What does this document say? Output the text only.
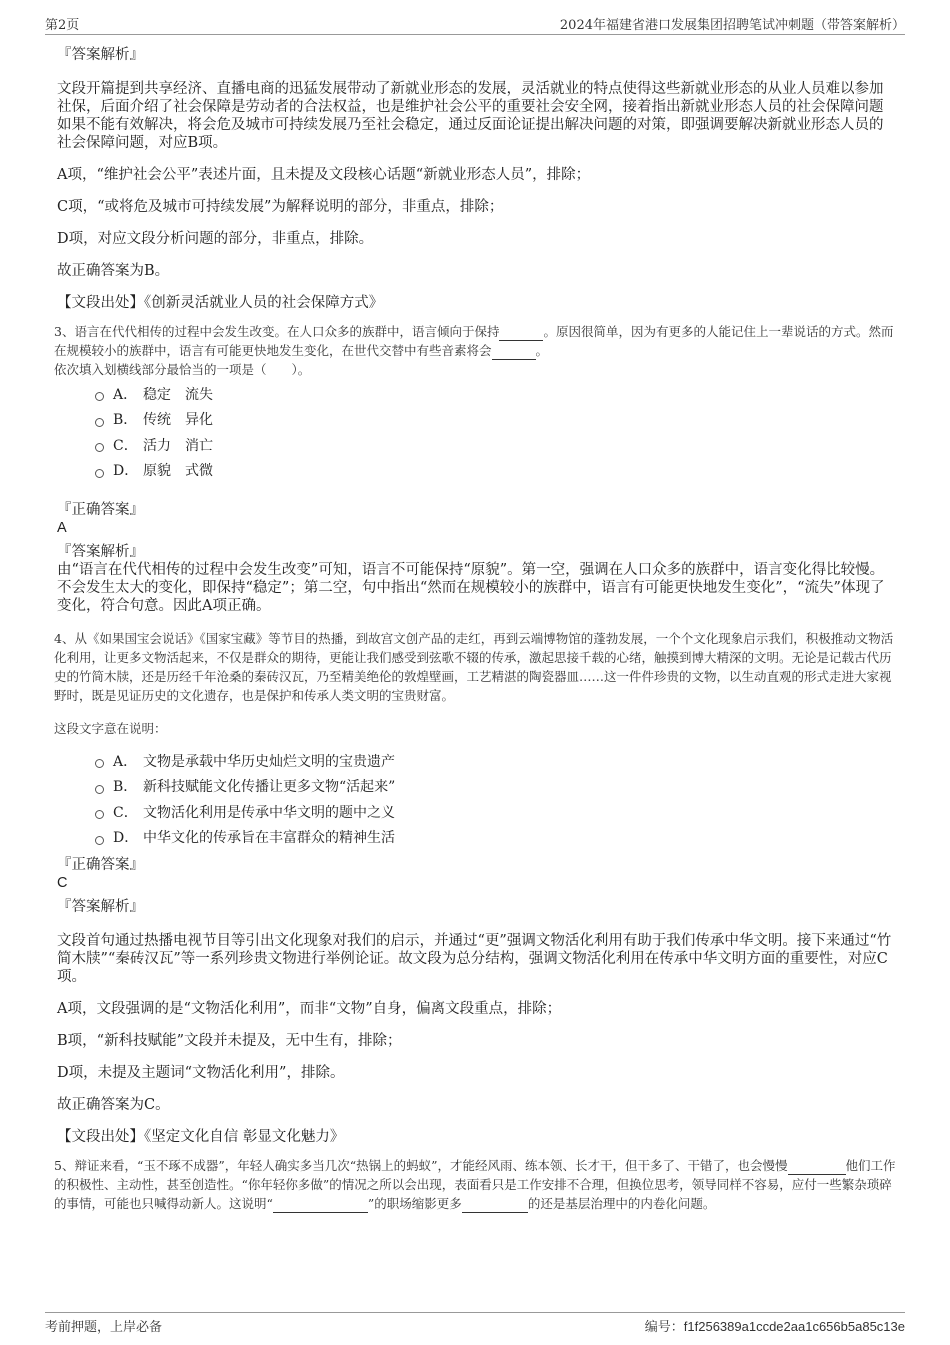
第2页	2024年福建省港口发展集团招聘笔试冲刺题（带答案解析）

『答案解析』

文段开篇提到共享经济、直播电商的迅猛发展带动了新就业形态的发展，灵活就业的特点使得这些新就业形态的从业人员难以参加社保，后面介绍了社会保障是劳动者的合法权益，也是维护社会公平的重要社会安全网，接着指出新就业形态人员的社会保障问题如果不能有效解决，将会危及城市可持续发展乃至社会稳定，通过反面论证提出解决问题的对策，即强调要解决新就业形态人员的社会保障问题，对应B项。

A项，“维护社会公平”表述片面，且未提及文段核心话题“新就业形态人员”，排除；

C项，“或将危及城市可持续发展”为解释说明的部分，非重点，排除；

D项，对应文段分析问题的部分，非重点，排除。

故正确答案为B。

【文段出处】《创新灵活就业人员的社会保障方式》

3、语言在代代相传的过程中会发生改变。在人口众多的族群中，语言倾向于保持	。原因很简单，因为有更多的人能记住上一辈说话的方式。然而在规模较小的族群中，语言有可能更快地发生变化，在世代交替中有些音素将会	。

依次填入划横线部分最恰当的一项是（　　）。

A． 稳定　流失
B． 传统　异化
C． 活力　消亡
D． 原貌　式微

『正确答案』

A

『答案解析』

由“语言在代代相传的过程中会发生改变”可知，语言不可能保持“原貌”。第一空，强调在人口众多的族群中，语言变化得比较慢。不会发生太大的变化，即保持“稳定”；第二空，句中指出“然而在规模较小的族群中，语言有可能更快地发生变化”，“流失”体现了变化，符合句意。因此A项正确。

4、从《如果国宝会说话》《国家宝藏》等节目的热播，到故宫文创产品的走红，再到云端博物馆的蓬勃发展，一个个文化现象启示我们，积极推动文物活化利用，让更多文物活起来，不仅是群众的期待，更能让我们感受到弦歌不辍的传承，激起思接千载的心绪，触摸到博大精深的文明。无论是记载古代历史的竹简木牍，还是历经千年沧桑的秦砖汉瓦，乃至精美绝伦的敦煌壁画，工艺精湛的陶瓷器皿……这一件件珍贵的文物，以生动直观的形式走进大家视野时，既是见证历史的文化遗存，也是保护和传承人类文明的宝贵财富。

这段文字意在说明：

A． 文物是承载中华历史灿烂文明的宝贵遗产
B． 新科技赋能文化传播让更多文物“活起来”
C． 文物活化利用是传承中华文明的题中之义
D． 中华文化的传承旨在丰富群众的精神生活

『正确答案』

C

『答案解析』

文段首句通过热播电视节目等引出文化现象对我们的启示，并通过“更”强调文物活化利用有助于我们传承中华文明。接下来通过“竹简木牍”“秦砖汉瓦”等一系列珍贵文物进行举例论证。故文段为总分结构，强调文物活化利用在传承中华文明方面的重要性，对应C项。

A项，文段强调的是“文物活化利用”，而非“文物”自身，偏离文段重点，排除；

B项，“新科技赋能”文段并未提及，无中生有，排除；

D项，未提及主题词“文物活化利用”，排除。

故正确答案为C。

【文段出处】《坚定文化自信 彰显文化魅力》

5、辩证来看，“玉不琢不成器”，年轻人确实多当几次“热锅上的蚂蚁”，才能经风雨、练本领、长才干，但干多了、干错了，也会慢慢	他们工作的积极性、主动性，甚至创造性。“你年轻你多做”的情况之所以会出现，表面看只是工作安排不合理，但换位思考，领导同样不容易，应付一些繁杂琐碎的事情，可能也只喊得动新人。这说明“	”的职场缩影更多	的还是基层治理中的内卷化问题。

考前押题，上岸必备	编号：f1f256389a1ccde2aa1c656b5a85c13e
